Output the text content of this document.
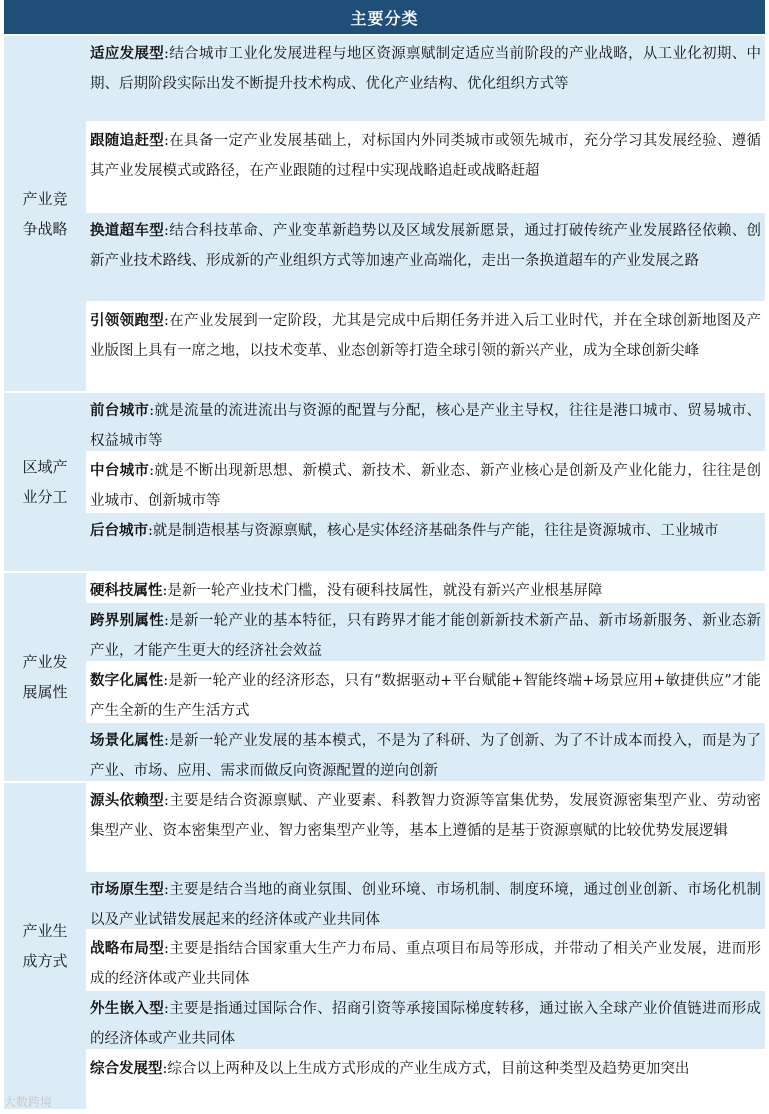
主要分类
产业竞争战略
适应发展型:结合城市工业化发展进程与地区资源禀赋制定适应当前阶段的产业战略，从工业化初期、中期、后期阶段实际出发不断提升技术构成、优化产业结构、优化组织方式等
跟随追赶型:在具备一定产业发展基础上，对标国内外同类城市或领先城市，充分学习其发展经验、遵循其产业发展模式或路径，在产业跟随的过程中实现战略追赶或战略赶超
换道超车型:结合科技革命、产业变革新趋势以及区域发展新愿景，通过打破传统产业发展路径依赖、创新产业技术路线、形成新的产业组织方式等加速产业高端化，走出一条换道超车的产业发展之路
引领领跑型:在产业发展到一定阶段，尤其是完成中后期任务并进入后工业时代，并在全球创新地图及产业版图上具有一席之地，以技术变革、业态创新等打造全球引领的新兴产业，成为全球创新尖峰
区域产业分工
前台城市:就是流量的流进流出与资源的配置与分配，核心是产业主导权，往往是港口城市、贸易城市、权益城市等
中台城市:就是不断出现新思想、新模式、新技术、新业态、新产业核心是创新及产业化能力，往往是创业城市、创新城市等
后台城市:就是制造根基与资源禀赋，核心是实体经济基础条件与产能，往往是资源城市、工业城市
产业发展属性
硬科技属性:是新一轮产业技术门槛，没有硬科技属性，就没有新兴产业根基屏障
跨界别属性:是新一轮产业的基本特征，只有跨界才能才能创新新技术新产品、新市场新服务、新业态新产业，才能产生更大的经济社会效益
数字化属性:是新一轮产业的经济形态，只有“数据驱动+平台赋能+智能终端+场景应用+敏捷供应”才能产生全新的生产生活方式
场景化属性:是新一轮产业发展的基本模式，不是为了科研、为了创新、为了不计成本而投入，而是为了产业、市场、应用、需求而做反向资源配置的逆向创新
产业生成方式
源头依赖型:主要是结合资源禀赋、产业要素、科教智力资源等富集优势，发展资源密集型产业、劳动密集型产业、资本密集型产业、智力密集型产业等，基本上遵循的是基于资源禀赋的比较优势发展逻辑
市场原生型:主要是结合当地的商业氛围、创业环境、市场机制、制度环境，通过创业创新、市场化机制以及产业试错发展起来的经济体或产业共同体
战略布局型:主要是指结合国家重大生产力布局、重点项目布局等形成，并带动了相关产业发展，进而形成的经济体或产业共同体
外生嵌入型:主要是指通过国际合作、招商引资等承接国际梯度转移，通过嵌入全球产业价值链进而形成的经济体或产业共同体
综合发展型:综合以上两种及以上生成方式形成的产业生成方式，目前这种类型及趋势更加突出
大数跨境
